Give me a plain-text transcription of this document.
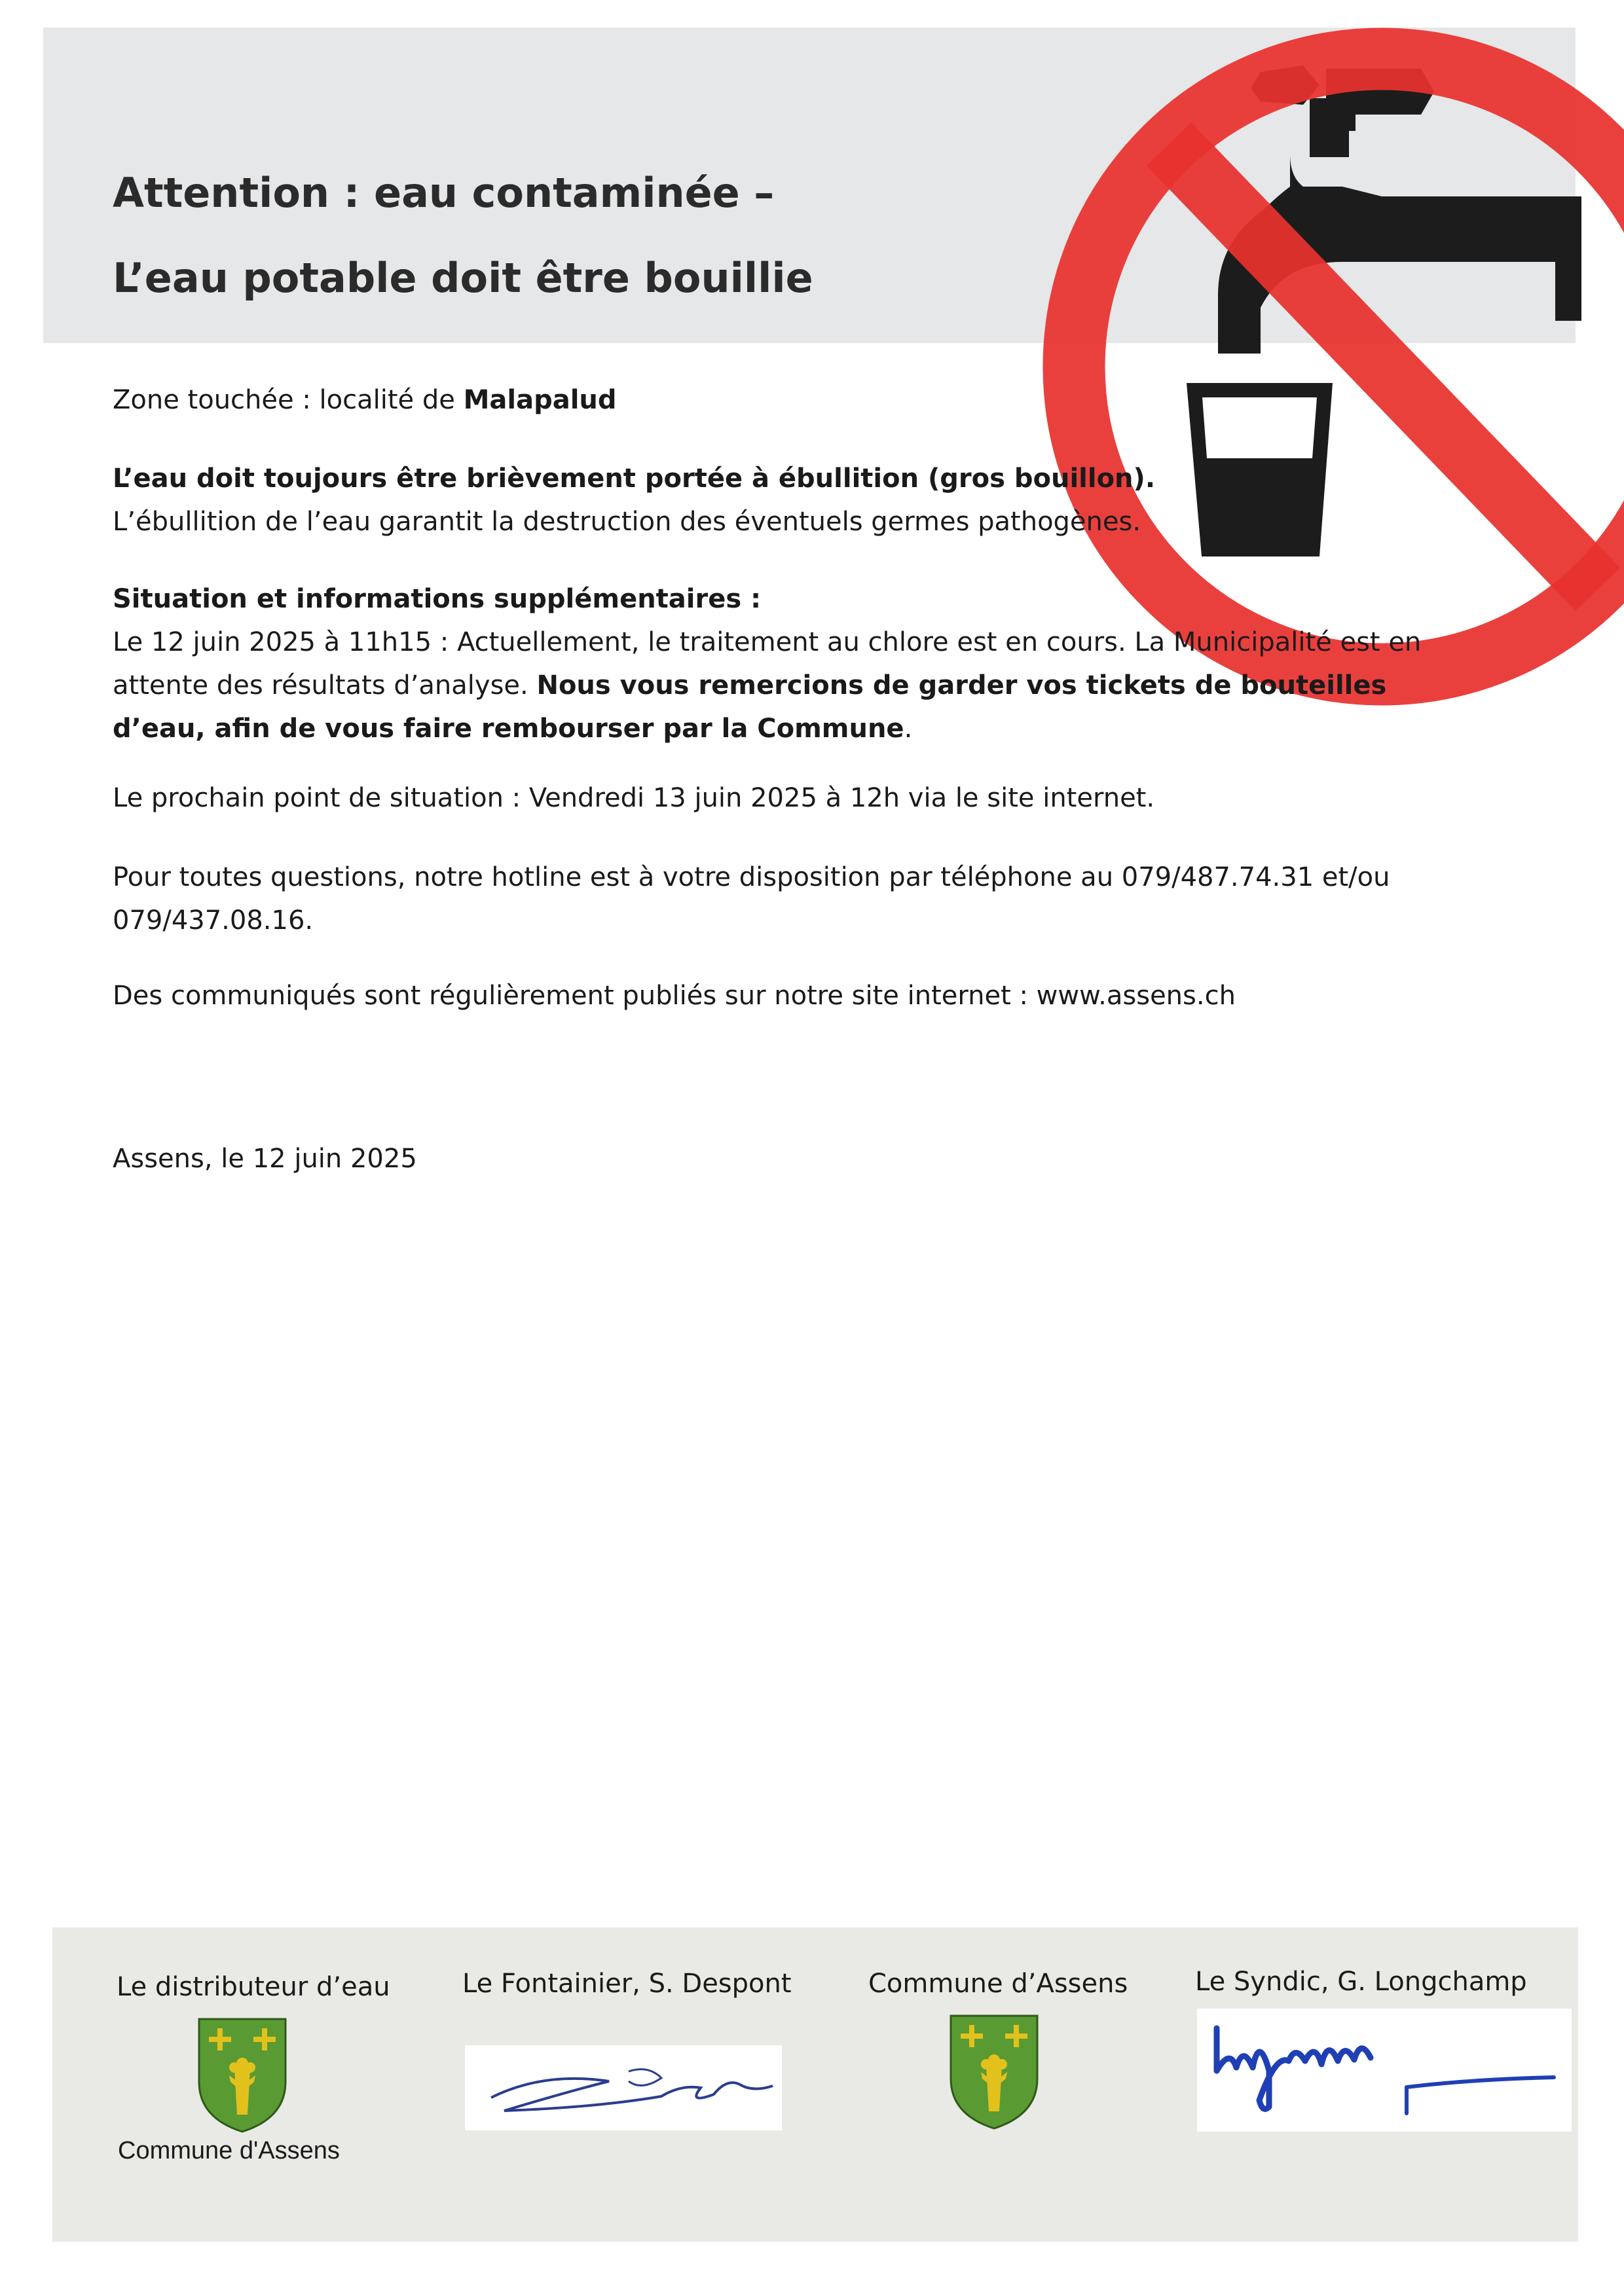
Attention : eau contaminée –
L’eau potable doit être bouillie

Zone touchée : localité de Malapalud

L’eau doit toujours être brièvement portée à ébullition (gros bouillon).
L’ébullition de l’eau garantit la destruction des éventuels germes pathogènes.

Situation et informations supplémentaires :
Le 12 juin 2025 à 11h15 : Actuellement, le traitement au chlore est en cours. La Municipalité est en attente des résultats d’analyse. Nous vous remercions de garder vos tickets de bouteilles d’eau, afin de vous faire rembourser par la Commune.

Le prochain point de situation : Vendredi 13 juin 2025 à 12h via le site internet.

Pour toutes questions, notre hotline est à votre disposition par téléphone au 079/487.74.31 et/ou 079/437.08.16.

Des communiqués sont régulièrement publiés sur notre site internet : www.assens.ch

Assens, le 12 juin 2025

Le distributeur d’eau	Le Fontainier, S. Despont	Commune d’Assens	Le Syndic, G. Longchamp
Commune d'Assens
